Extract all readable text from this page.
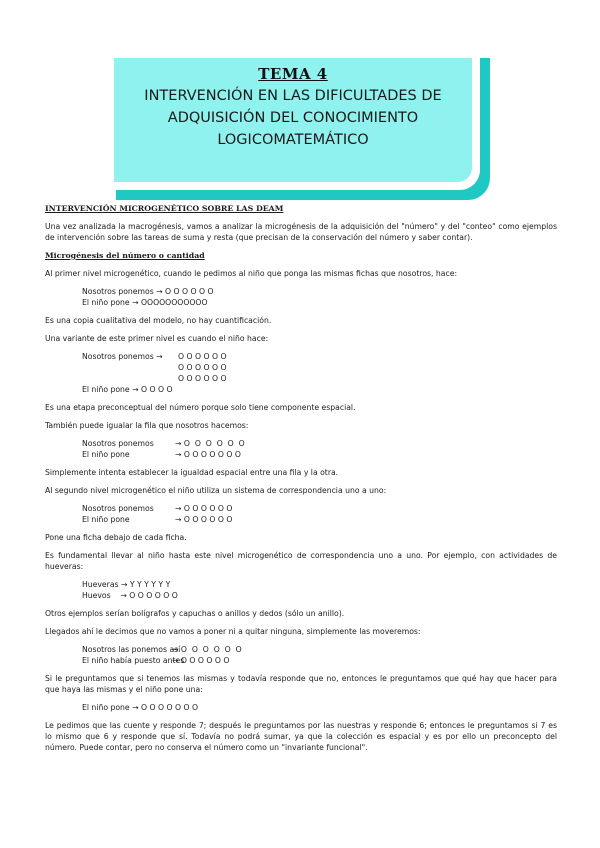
TEMA 4
INTERVENCIÓN EN LAS DIFICULTADES DE
ADQUISICIÓN DEL CONOCIMIENTO
LOGICOMATEMÁTICO
INTERVENCIÓN MICROGENÉTICO SOBRE LAS DEAM

Una vez analizada la macrogénesis, vamos a analizar la microgénesis de la adquisición del "número" y del "conteo" como ejemplos de intervención sobre las tareas de suma y resta (que precisan de la conservación del número y saber contar).

Microgénesis del número o cantidad

Al primer nivel microgenético, cuando le pedimos al niño que ponga las mismas fichas que nosotros, hace:

Nosotros ponemos → O O O O O O
El niño pone → OOOOOOOOOOO

Es una copia cualitativa del modelo, no hay cuantificación.

Una variante de este primer nivel es cuando el niño hace:

Nosotros ponemos → O O O O O O
O O O O O O
O O O O O O
El niño pone → O O O O

Es una etapa preconceptual del número porque solo tiene componente espacial.

También puede igualar la fila que nosotros hacemos:

Nosotros ponemos	→ O  O  O  O  O  O
El niño pone	→ O O O O O O O

Simplemente intenta establecer la igualdad espacial entre una fila y la otra.

Al segundo nivel microgenético el niño utiliza un sistema de correspondencia uno a uno:

Nosotros ponemos	→ O O O O O O
El niño pone	→ O O O O O O

Pone una ficha debajo de cada ficha.

Es fundamental llevar al niño hasta este nivel microgenético de correspondencia uno a uno. Por ejemplo, con actividades de hueveras:

Hueveras → Y Y Y Y Y Y
Huevos    → O O O O O O

Otros ejemplos serían bolígrafos y capuchas o anillos y dedos (sólo un anillo).

Llegados ahí le decimos que no vamos a poner ni a quitar ninguna, simplemente las moveremos:

Nosotros las ponemos así→ O  O  O  O  O  O
El niño había puesto antes→ O O O O O O

Si le preguntamos que si tenemos las mismas y todavía responde que no, entonces le preguntamos que qué hay que hacer para que haya las mismas y el niño pone una:

El niño pone → O O O O O O O

Le pedimos que las cuente y responde 7; después le preguntamos por las nuestras y responde 6; entonces le preguntamos si 7 es lo mismo que 6 y responde que sí. Todavía no podrá sumar, ya que la colección es espacial y es por ello un preconcepto del número. Puede contar, pero no conserva el número como un "invariante funcional".
